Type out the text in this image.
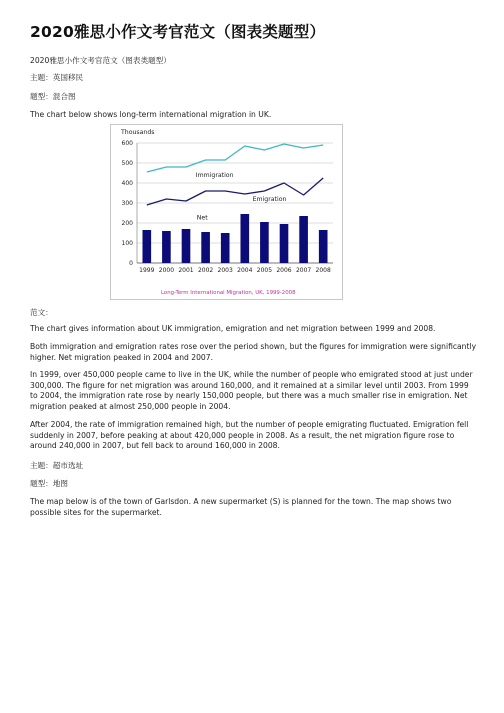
2020雅思小作文考官范文（图表类题型）

2020雅思小作文考官范文（图表类题型）

主题：英国移民

题型：混合图

The chart below shows long-term international migration in UK.

Thousands
0
100
200
300
400
500
600
Immigration
Emigration
Net
1999 2000 2001 2002 2003 2004 2005 2006 2007 2008
Long-Term International Migration, UK, 1999-2008

范文：

The chart gives information about UK immigration, emigration and net migration between 1999 and 2008.

Both immigration and emigration rates rose over the period shown, but the figures for immigration were significantly higher. Net migration peaked in 2004 and 2007.

In 1999, over 450,000 people came to live in the UK, while the number of people who emigrated stood at just under 300,000. The figure for net migration was around 160,000, and it remained at a similar level until 2003. From 1999 to 2004, the immigration rate rose by nearly 150,000 people, but there was a much smaller rise in emigration. Net migration peaked at almost 250,000 people in 2004.

After 2004, the rate of immigration remained high, but the number of people emigrating fluctuated. Emigration fell suddenly in 2007, before peaking at about 420,000 people in 2008. As a result, the net migration figure rose to around 240,000 in 2007, but fell back to around 160,000 in 2008.

主题：超市选址

题型：地图

The map below is of the town of Garlsdon. A new supermarket (S) is planned for the town. The map shows two possible sites for the supermarket.
